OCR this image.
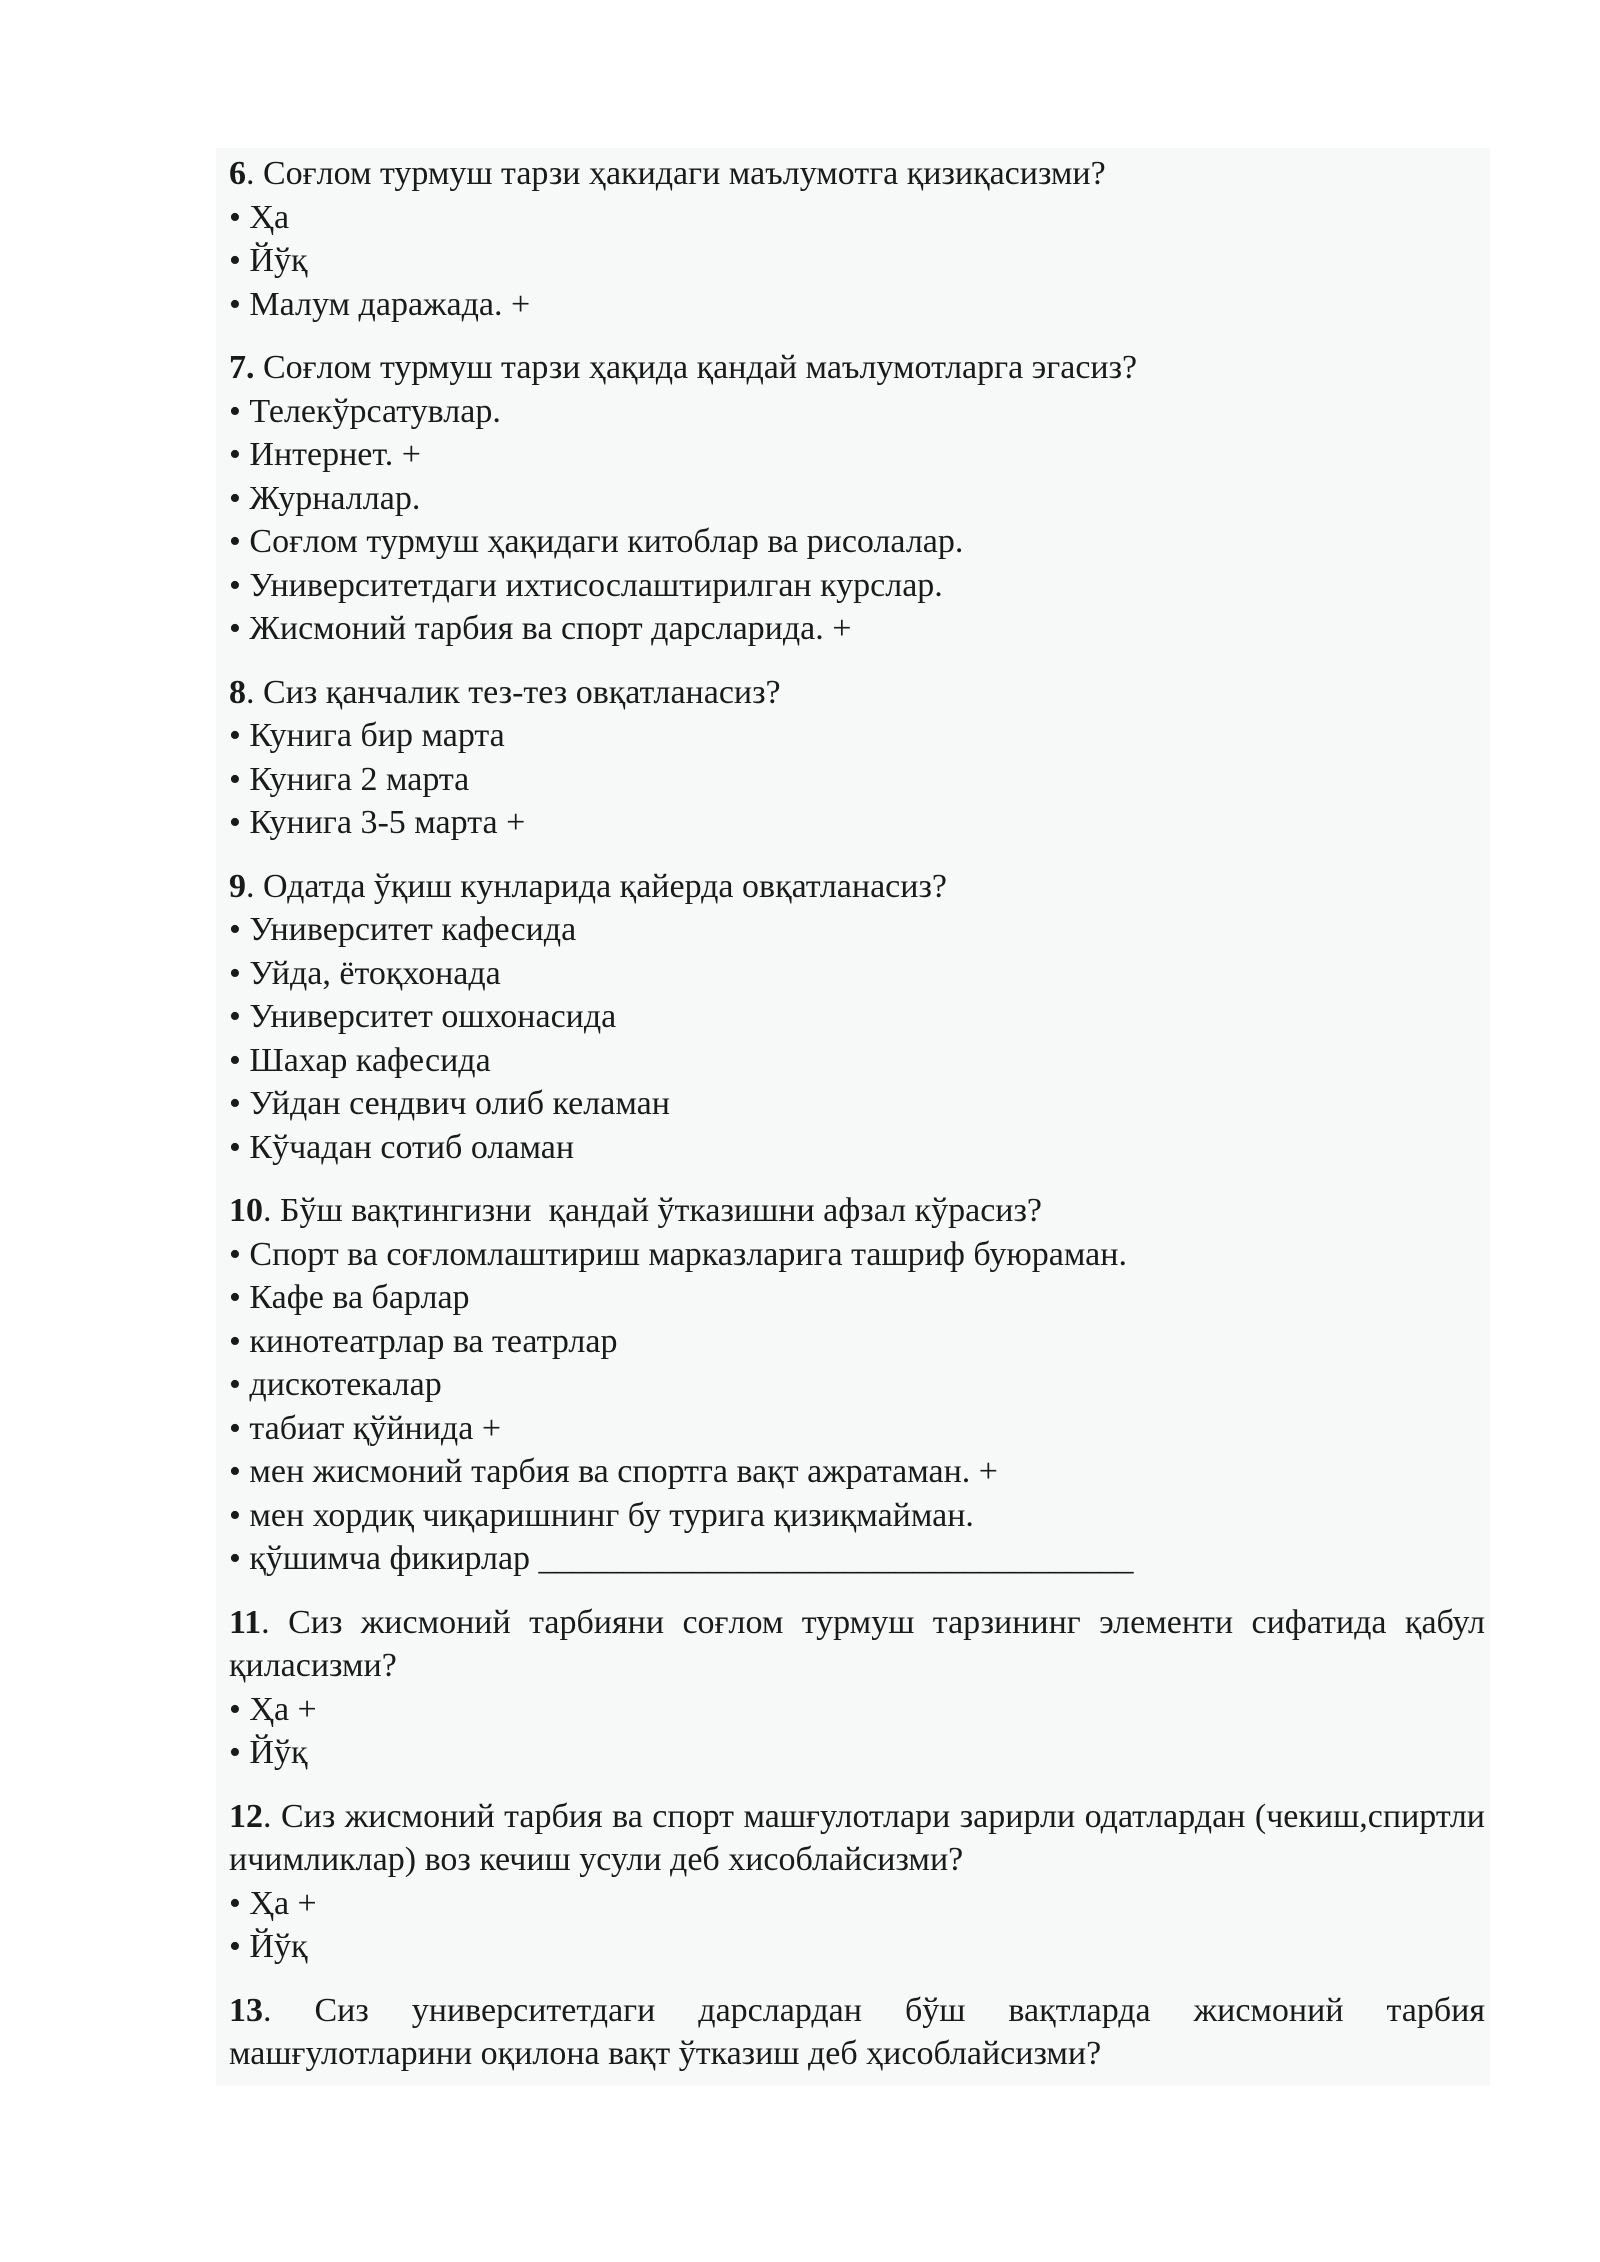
6. Соғлом турмуш тарзи ҳакидаги маълумотга қизиқасизми?
• Ҳа
• Йўқ
• Малум даражада. +
7. Соғлом турмуш тарзи ҳақида қандай маълумотларга эгасиз?
• Телекўрсатувлар.
• Интернет. +
• Журналлар.
• Соғлом турмуш ҳақидаги китоблар ва рисолалар.
• Университетдаги ихтисослаштирилган курслар.
• Жисмоний тарбия ва спорт дарсларида. +
8. Сиз қанчалик тез-тез овқатланасиз?
• Кунига бир марта
• Кунига 2 марта
• Кунига 3-5 марта +
9. Одатда ўқиш кунларида қайерда овқатланасиз?
• Университет кафесида
• Уйда, ётоқхонада
• Университет ошхонасида
• Шахар кафесида
• Уйдан сендвич олиб келаман
• Кўчадан сотиб оламан
10. Бўш вақтингизни  қандай ўтказишни афзал кўрасиз?
• Спорт ва соғломлаштириш марказларига ташриф буюраман.
• Кафе ва барлар
• кинотеатрлар ва театрлар
• дискотекалар
• табиат қўйнида +
• мен жисмоний тарбия ва спортга вақт ажратаман. +
• мен хордиқ чиқаришнинг бу турига қизиқмайман.
• қўшимча фикирлар ___________________________________
11. Сиз жисмоний тарбияни соғлом турмуш тарзининг элементи сифатида қабул қиласизми?
• Ҳа +
• Йўқ
12. Сиз жисмоний тарбия ва спорт машғулотлари зарирли одатлардан (чекиш,спиртли ичимликлар) воз кечиш усули деб хисоблайсизми?
• Ҳа +
• Йўқ
13. Сиз университетдаги дарслардан бўш вақтларда жисмоний тарбия машғулотларини оқилона вақт ўтказиш деб ҳисоблайсизми?
